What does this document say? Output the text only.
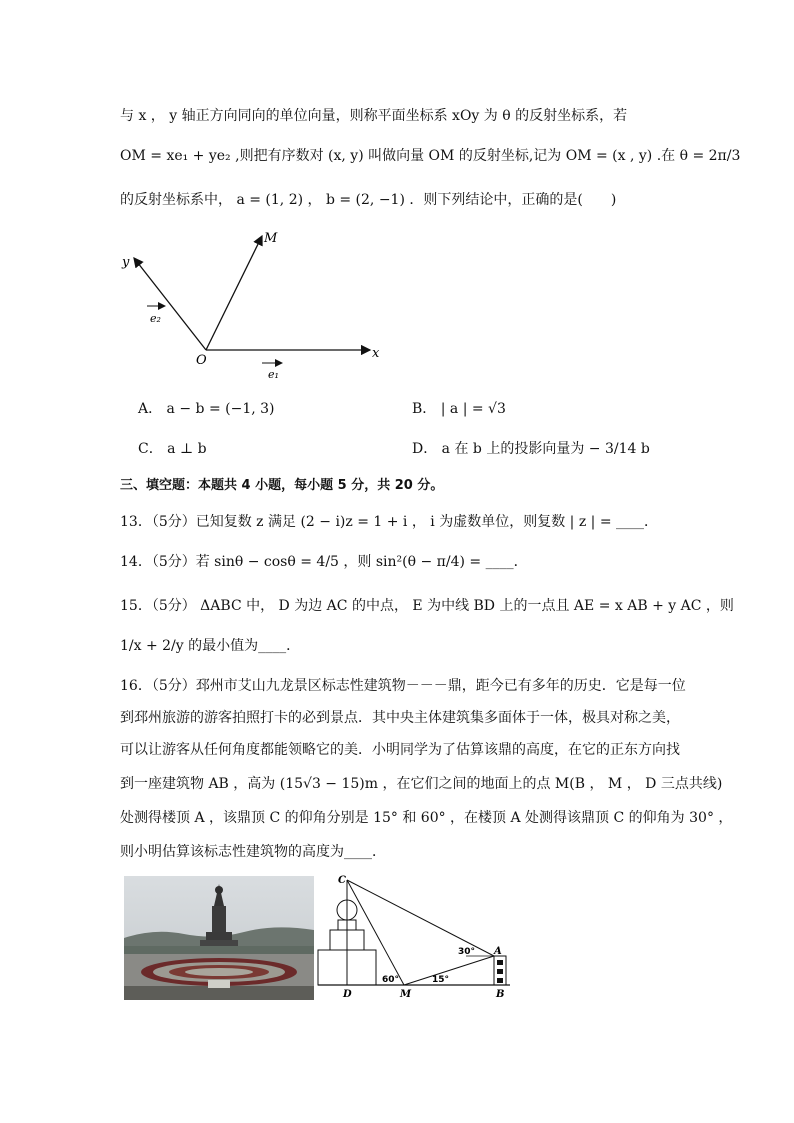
与 x ， y 轴正方向同向的单位向量，则称平面坐标系 xOy 为 θ 的反射坐标系，若
OM = xe₁ + ye₂ ,则把有序数对 (x, y) 叫做向量 OM 的反射坐标,记为 OM = (x , y) .在 θ = 2π/3
的反射坐标系中， a = (1, 2) ， b = (2, −1) ．则下列结论中，正确的是(　　)
M
y
x
O
e₁
e₂
A． a − b = (−1, 3)	B． | a | = √3
C． a ⊥ b	D． a 在 b 上的投影向量为 − 3/14 b
三、填空题：本题共 4 小题，每小题 5 分，共 20 分。
13．（5分）已知复数 z 满足 (2 − i)z = 1 + i ， i 为虚数单位，则复数 | z | = ____．
14．（5分）若 sinθ − cosθ = 4/5 ，则 sin²(θ − π/4) = ____．
15．（5分） ΔABC 中， D 为边 AC 的中点， E 为中线 BD 上的一点且 AE = x AB + y AC ，则
1/x + 2/y 的最小值为____．
16．（5分）邳州市艾山九龙景区标志性建筑物－－－鼎，距今已有多年的历史．它是每一位
到邳州旅游的游客拍照打卡的必到景点．其中央主体建筑集多面体于一体，极具对称之美，
可以让游客从任何角度都能领略它的美．小明同学为了估算该鼎的高度，在它的正东方向找
到一座建筑物 AB ，高为 (15√3 − 15)m ，在它们之间的地面上的点 M(B ， M ， D 三点共线)
处测得楼顶 A ，该鼎顶 C 的仰角分别是 15° 和 60° ，在楼顶 A 处测得该鼎顶 C 的仰角为 30° ，
则小明估算该标志性建筑物的高度为____．
C
A
B
D	M
30°
60°	15°
